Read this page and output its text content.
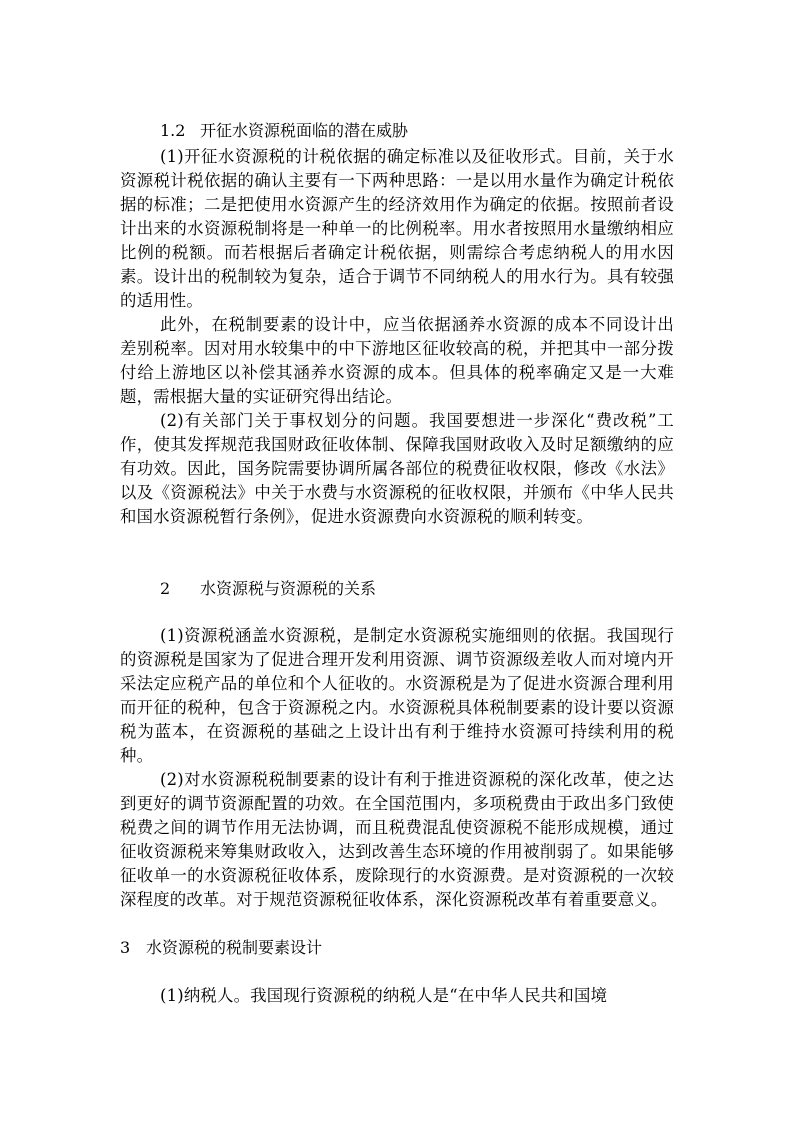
1.2 开征水资源税面临的潜在威胁

(1)开征水资源税的计税依据的确定标准以及征收形式。目前，关于水资源税计税依据的确认主要有一下两种思路：一是以用水量作为确定计税依据的标准；二是把使用水资源产生的经济效用作为确定的依据。按照前者设计出来的水资源税制将是一种单一的比例税率。用水者按照用水量缴纳相应比例的税额。而若根据后者确定计税依据，则需综合考虑纳税人的用水因素。设计出的税制较为复杂，适合于调节不同纳税人的用水行为。具有较强的适用性。

此外，在税制要素的设计中，应当依据涵养水资源的成本不同设计出差别税率。因对用水较集中的中下游地区征收较高的税，并把其中一部分拨付给上游地区以补偿其涵养水资源的成本。但具体的税率确定又是一大难题，需根据大量的实证研究得出结论。

(2)有关部门关于事权划分的问题。我国要想进一步深化“费改税”工作，使其发挥规范我国财政征收体制、保障我国财政收入及时足额缴纳的应有功效。因此，国务院需要协调所属各部位的税费征收权限，修改《水法》以及《资源税法》中关于水费与水资源税的征收权限，并颁布《中华人民共和国水资源税暂行条例》，促进水资源费向水资源税的顺利转变。

2 水资源税与资源税的关系

(1)资源税涵盖水资源税，是制定水资源税实施细则的依据。我国现行的资源税是国家为了促进合理开发利用资源、调节资源级差收人而对境内开采法定应税产品的单位和个人征收的。水资源税是为了促进水资源合理利用而开征的税种，包含于资源税之内。水资源税具体税制要素的设计要以资源税为蓝本，在资源税的基础之上设计出有利于维持水资源可持续利用的税种。

(2)对水资源税税制要素的设计有利于推进资源税的深化改革，使之达到更好的调节资源配置的功效。在全国范围内，多项税费由于政出多门致使税费之间的调节作用无法协调，而且税费混乱使资源税不能形成规模，通过征收资源税来筹集财政收入，达到改善生态环境的作用被削弱了。如果能够征收单一的水资源税征收体系，废除现行的水资源费。是对资源税的一次较深程度的改革。对于规范资源税征收体系，深化资源税改革有着重要意义。

3 水资源税的税制要素设计

(1)纳税人。我国现行资源税的纳税人是“在中华人民共和国境
